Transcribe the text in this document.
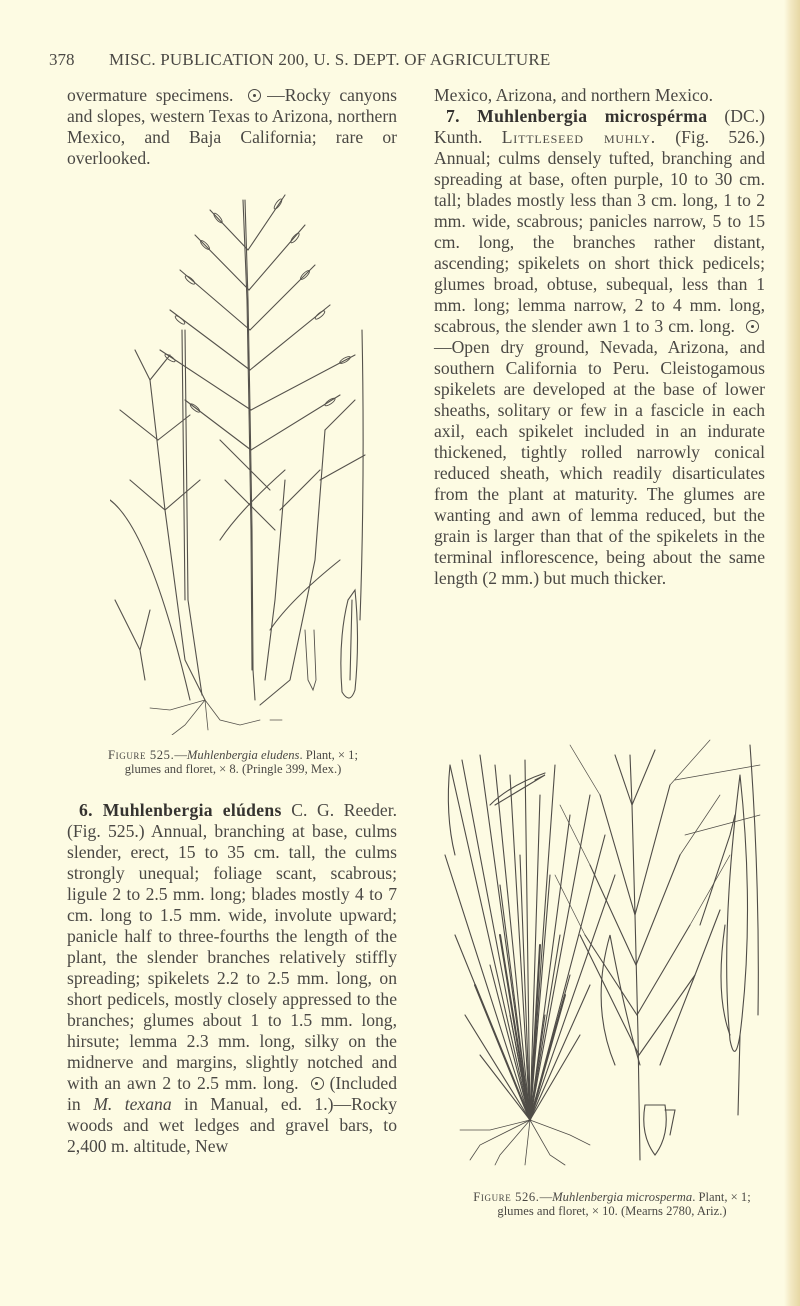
378 MISC. PUBLICATION 200, U. S. DEPT. OF AGRICULTURE

overmature specimens. —Rocky canyons and slopes, western Texas to Arizona, northern Mexico, and Baja California; rare or overlooked.

Figure 525.—Muhlenbergia eludens. Plant, × 1;
glumes and floret, × 8. (Pringle 399, Mex.)

6. Muhlenbergia elúdens C. G. Reeder. (Fig. 525.) Annual, branching at base, culms slender, erect, 15 to 35 cm. tall, the culms strongly unequal; foliage scant, scabrous; ligule 2 to 2.5 mm. long; blades mostly 4 to 7 cm. long to 1.5 mm. wide, involute upward; panicle half to three-fourths the length of the plant, the slender branches relatively stiffly spreading; spikelets 2.2 to 2.5 mm. long, on short pedicels, mostly closely appressed to the branches; glumes about 1 to 1.5 mm. long, hirsute; lemma 2.3 mm. long, silky on the midnerve and margins, slightly notched and with an awn 2 to 2.5 mm. long. (Included in M. texana in Manual, ed. 1.)—Rocky woods and wet ledges and gravel bars, to 2,400 m. altitude, New

Mexico, Arizona, and northern Mexico.

7. Muhlenbergia microspérma (DC.) Kunth. Littleseed muhly. (Fig. 526.) Annual; culms densely tufted, branching and spreading at base, often purple, 10 to 30 cm. tall; blades mostly less than 3 cm. long, 1 to 2 mm. wide, scabrous; panicles narrow, 5 to 15 cm. long, the branches rather distant, ascending; spikelets on short thick pedicels; glumes broad, obtuse, subequal, less than 1 mm. long; lemma narrow, 2 to 4 mm. long, scabrous, the slender awn 1 to 3 cm. long. —Open dry ground, Nevada, Arizona, and southern California to Peru. Cleistogamous spikelets are developed at the base of lower sheaths, solitary or few in a fascicle in each axil, each spikelet included in an indurate thickened, tightly rolled narrowly conical reduced sheath, which readily disarticulates from the plant at maturity. The glumes are wanting and awn of lemma reduced, but the grain is larger than that of the spikelets in the terminal inflorescence, being about the same length (2 mm.) but much thicker.

Figure 526.—Muhlenbergia microsperma. Plant, × 1;
glumes and floret, × 10. (Mearns 2780, Ariz.)
